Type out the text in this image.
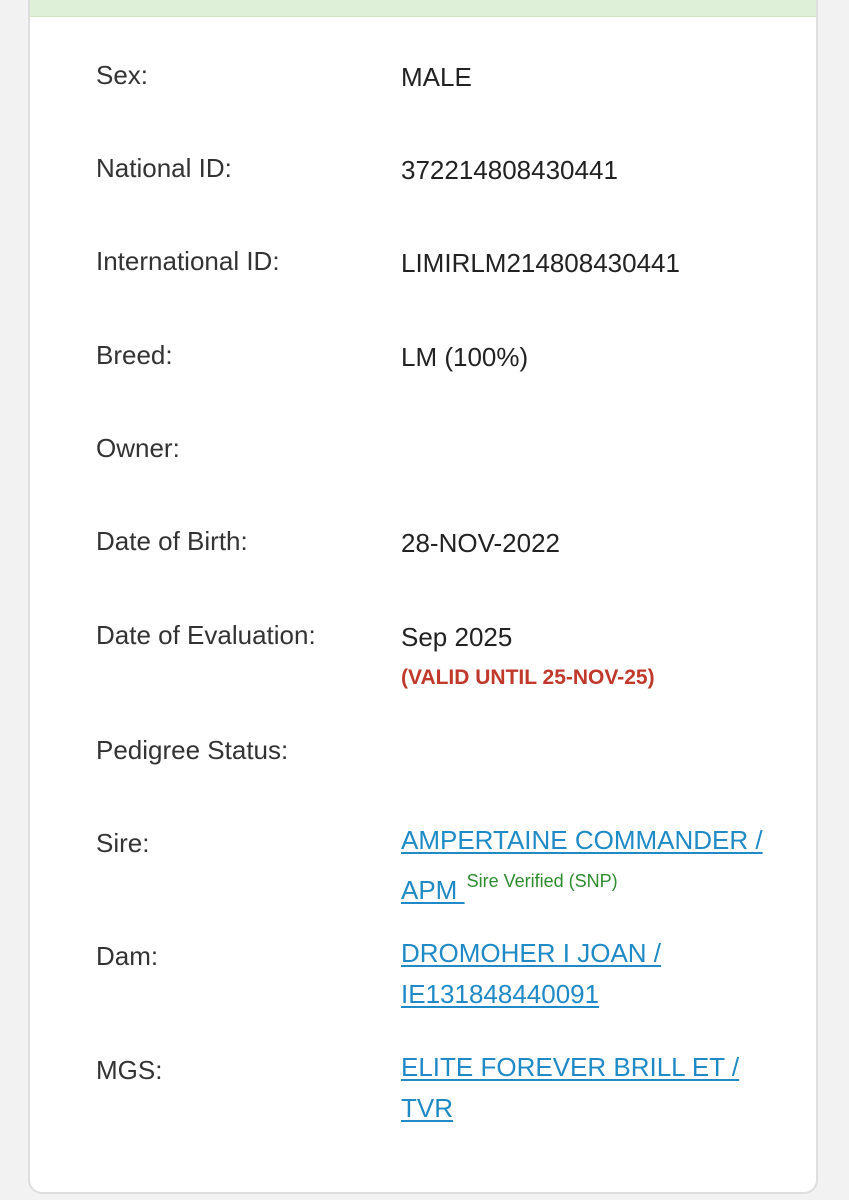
Sex:	MALE
National ID:	372214808430441
International ID:	LIMIRLM214808430441
Breed:	LM (100%)
Owner:
Date of Birth:	28-NOV-2022
Date of Evaluation:	Sep 2025
(VALID UNTIL 25-NOV-25)
Pedigree Status:
Sire:	AMPERTAINE COMMANDER / APM $^{Sire Verified (SNP)}$
Dam:	DROMOHER I JOAN / IE131848440091
MGS:	ELITE FOREVER BRILL ET / TVR
